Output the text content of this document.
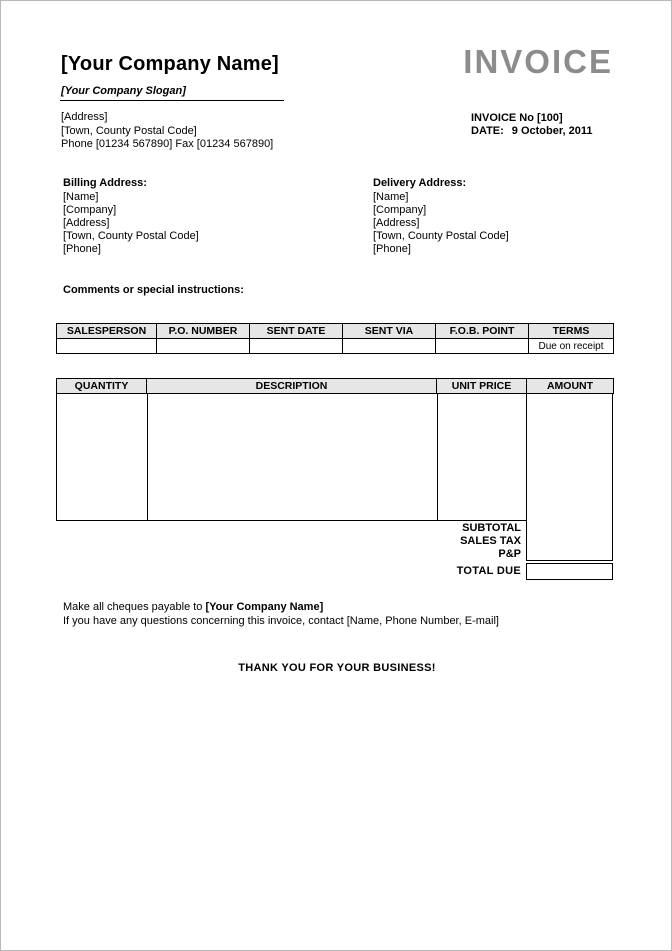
[Your Company Name]
[Your Company Slogan]
[Address]
[Town, County Postal Code]
Phone [01234 567890] Fax [01234 567890]
INVOICE
INVOICE No [100]
DATE: 9 October, 2011
Billing Address:
[Name]
[Company]
[Address]
[Town, County Postal Code]
[Phone]
Delivery Address:
[Name]
[Company]
[Address]
[Town, County Postal Code]
[Phone]
Comments or special instructions:
SALESPERSON	P.O. NUMBER	SENT DATE	SENT VIA	F.O.B. POINT	TERMS
					Due on receipt
QUANTITY	DESCRIPTION	UNIT PRICE	AMOUNT
SUBTOTAL
SALES TAX
P&P
TOTAL DUE
Make all cheques payable to [Your Company Name]
If you have any questions concerning this invoice, contact [Name, Phone Number, E-mail]
THANK YOU FOR YOUR BUSINESS!
